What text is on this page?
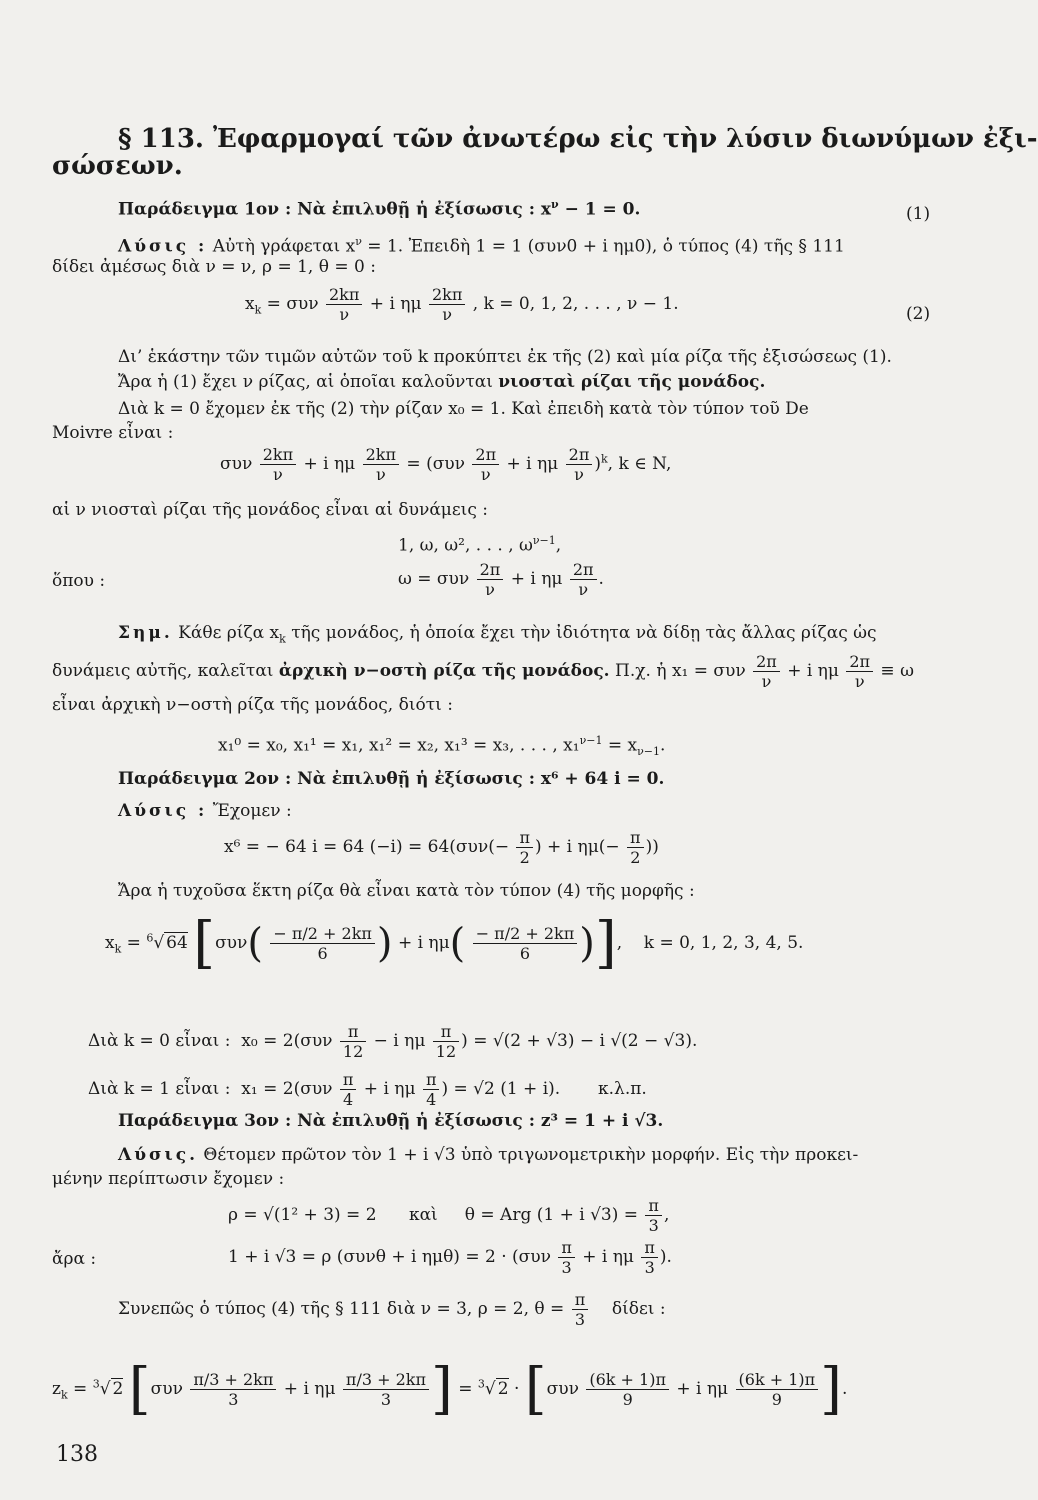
§ 113. Ἐφαρμογαί τῶν ἀνωτέρω εἰς τὴν λύσιν διωνύμων ἐξι-
σώσεων.
Παράδειγμα 1ον : Νὰ ἐπιλυθῇ ἡ ἐξίσωσις : $x^\nu - 1 = 0$.	(1)
Λύσις : Αὐτὴ γράφεται $x^\nu = 1$. Ἐπειδὴ 1 = 1 (συν0 + i ημ0), ὁ τύπος (4) τῆς § 111
δίδει ἀμέσως διὰ ν = ν, ρ = 1, θ = 0 :
$x_k = \sigma\upsilon\nu \frac{2k\pi}{\nu} + i$ ημ $\frac{2k\pi}{\nu}$ , k = 0, 1, 2, . . . , ν − 1.	(2)
Δι’ ἑκάστην τῶν τιμῶν αὐτῶν τοῦ k προκύπτει ἐκ τῆς (2) καὶ μία ρίζα τῆς ἐξισώσεως (1).
Ἄρα ἡ (1) ἔχει ν ρίζας, αἱ ὁποῖαι καλοῦνται νιοσταὶ ρίζαι τῆς μονάδος.
Διὰ k = 0 ἔχομεν ἐκ τῆς (2) τὴν ρίζαν x₀ = 1. Καὶ ἐπειδὴ κατὰ τὸν τύπον τοῦ De
Moivre εἶναι :
συν $\frac{2k\pi}{\nu} + i$ ημ $\frac{2k\pi}{\nu} = (\sigma\upsilon\nu \frac{2\pi}{\nu} + i$ ημ $\frac{2\pi}{\nu} )^k$, k ∈ N,
αἱ ν νιοσταὶ ρίζαι τῆς μονάδος εἶναι αἱ δυνάμεις :
1, ω, ω², . . . , $\omega^{\nu-1}$,
ὅπου :	ω = συν $\frac{2\pi}{\nu} + i$ ημ $\frac{2\pi}{\nu}$ .
Σημ. Κάθε ρίζα $x_k$ τῆς μονάδος, ἡ ὁποία ἔχει τὴν ἰδιότητα νὰ δίδῃ τὰς ἄλλας ρίζας ὡς
δυνάμεις αὐτῆς, καλεῖται ἀρχικὴ ν−οστὴ ρίζα τῆς μονάδος. Π.χ. ἡ x₁ = συν $\frac{2\pi}{\nu} + i$ ημ $\frac{2\pi}{\nu} \equiv \omega$
εἶναι ἀρχικὴ ν−οστὴ ρίζα τῆς μονάδος, διότι :
x₁⁰ = x₀, x₁¹ = x₁, x₁² = x₂, x₁³ = x₃, . . . , $x_1^{\nu-1} = x_{\nu-1}$.
Παράδειγμα 2ον : Νὰ ἐπιλυθῇ ἡ ἐξίσωσις : x⁶ + 64 i = 0.
Λύσις : Ἔχομεν :
x⁶ = − 64 i = 64 $(-i) = 64(\sigma\upsilon\nu(- \frac{\pi}{2}$ ) + i $\eta\mu(- \frac{\pi}{2}$ ))
Ἄρα ἡ τυχοῦσα ἕκτη ρίζα θὰ εἶναι κατὰ τὸν τύπον (4) τῆς μορφῆς :
$x_k = ^6√$ 64 [$\sigma\upsilon\nu( \frac{- \pi/2 + 2k\pi}{6}$ ) + i $\eta\mu( \frac{- \pi/2 + 2k\pi}{6}$ )],    k = 0, 1, 2, 3, 4, 5.
Διὰ k = 0 εἶναι : $x_0 = 2(\sigma\upsilon\nu \frac{\pi}{12} - i$ ημ $\frac{\pi}{12}$ ) = √(2 + √3) − i √(2 − √3).
Διὰ k = 1 εἶναι : $x_1 = 2(\sigma\upsilon\nu \frac{\pi}{4} + i$ ημ $\frac{\pi}{4}$ ) = √2 (1 + i). κ.λ.π.
Παράδειγμα 3ον : Νὰ ἐπιλυθῇ ἡ ἐξίσωσις : z³ = 1 + i √3.
Λύσις. Θέτομεν πρῶτον τὸν 1 + i √3 ὑπὸ τριγωνομετρικὴν μορφήν. Εἰς τὴν προκει-
μένην περίπτωσιν ἔχομεν :
ρ = √(1² + 3) = 2 καὶ θ = Arg (1 + i $√3) = \frac{\pi}{3}$ ,
ἄρα :	1 + i √3 = ρ (συνθ + i $\eta\mu\theta) = 2 \cdot (\sigma\upsilon\nu \frac{\pi}{3} + i$ ημ $\frac{\pi}{3}$ ).
Συνεπῶς ὁ τύπος (4) τῆς § 111 διὰ ν = 3, ρ = 2, $\theta = \frac{\pi}{3}$ δίδει :
$z_k = ^3√$ 2 [$\sigma\upsilon\nu \frac{\pi/3 + 2k\pi}{3} + i$ ημ $\frac{\pi/3 + 2k\pi}{3}$ ] = $^3$√ $2 \cdot [\sigma\upsilon\nu \frac{(6k + 1)\pi}{9} + i$ ημ $\frac{(6k + 1)\pi}{9}$ ].
138
